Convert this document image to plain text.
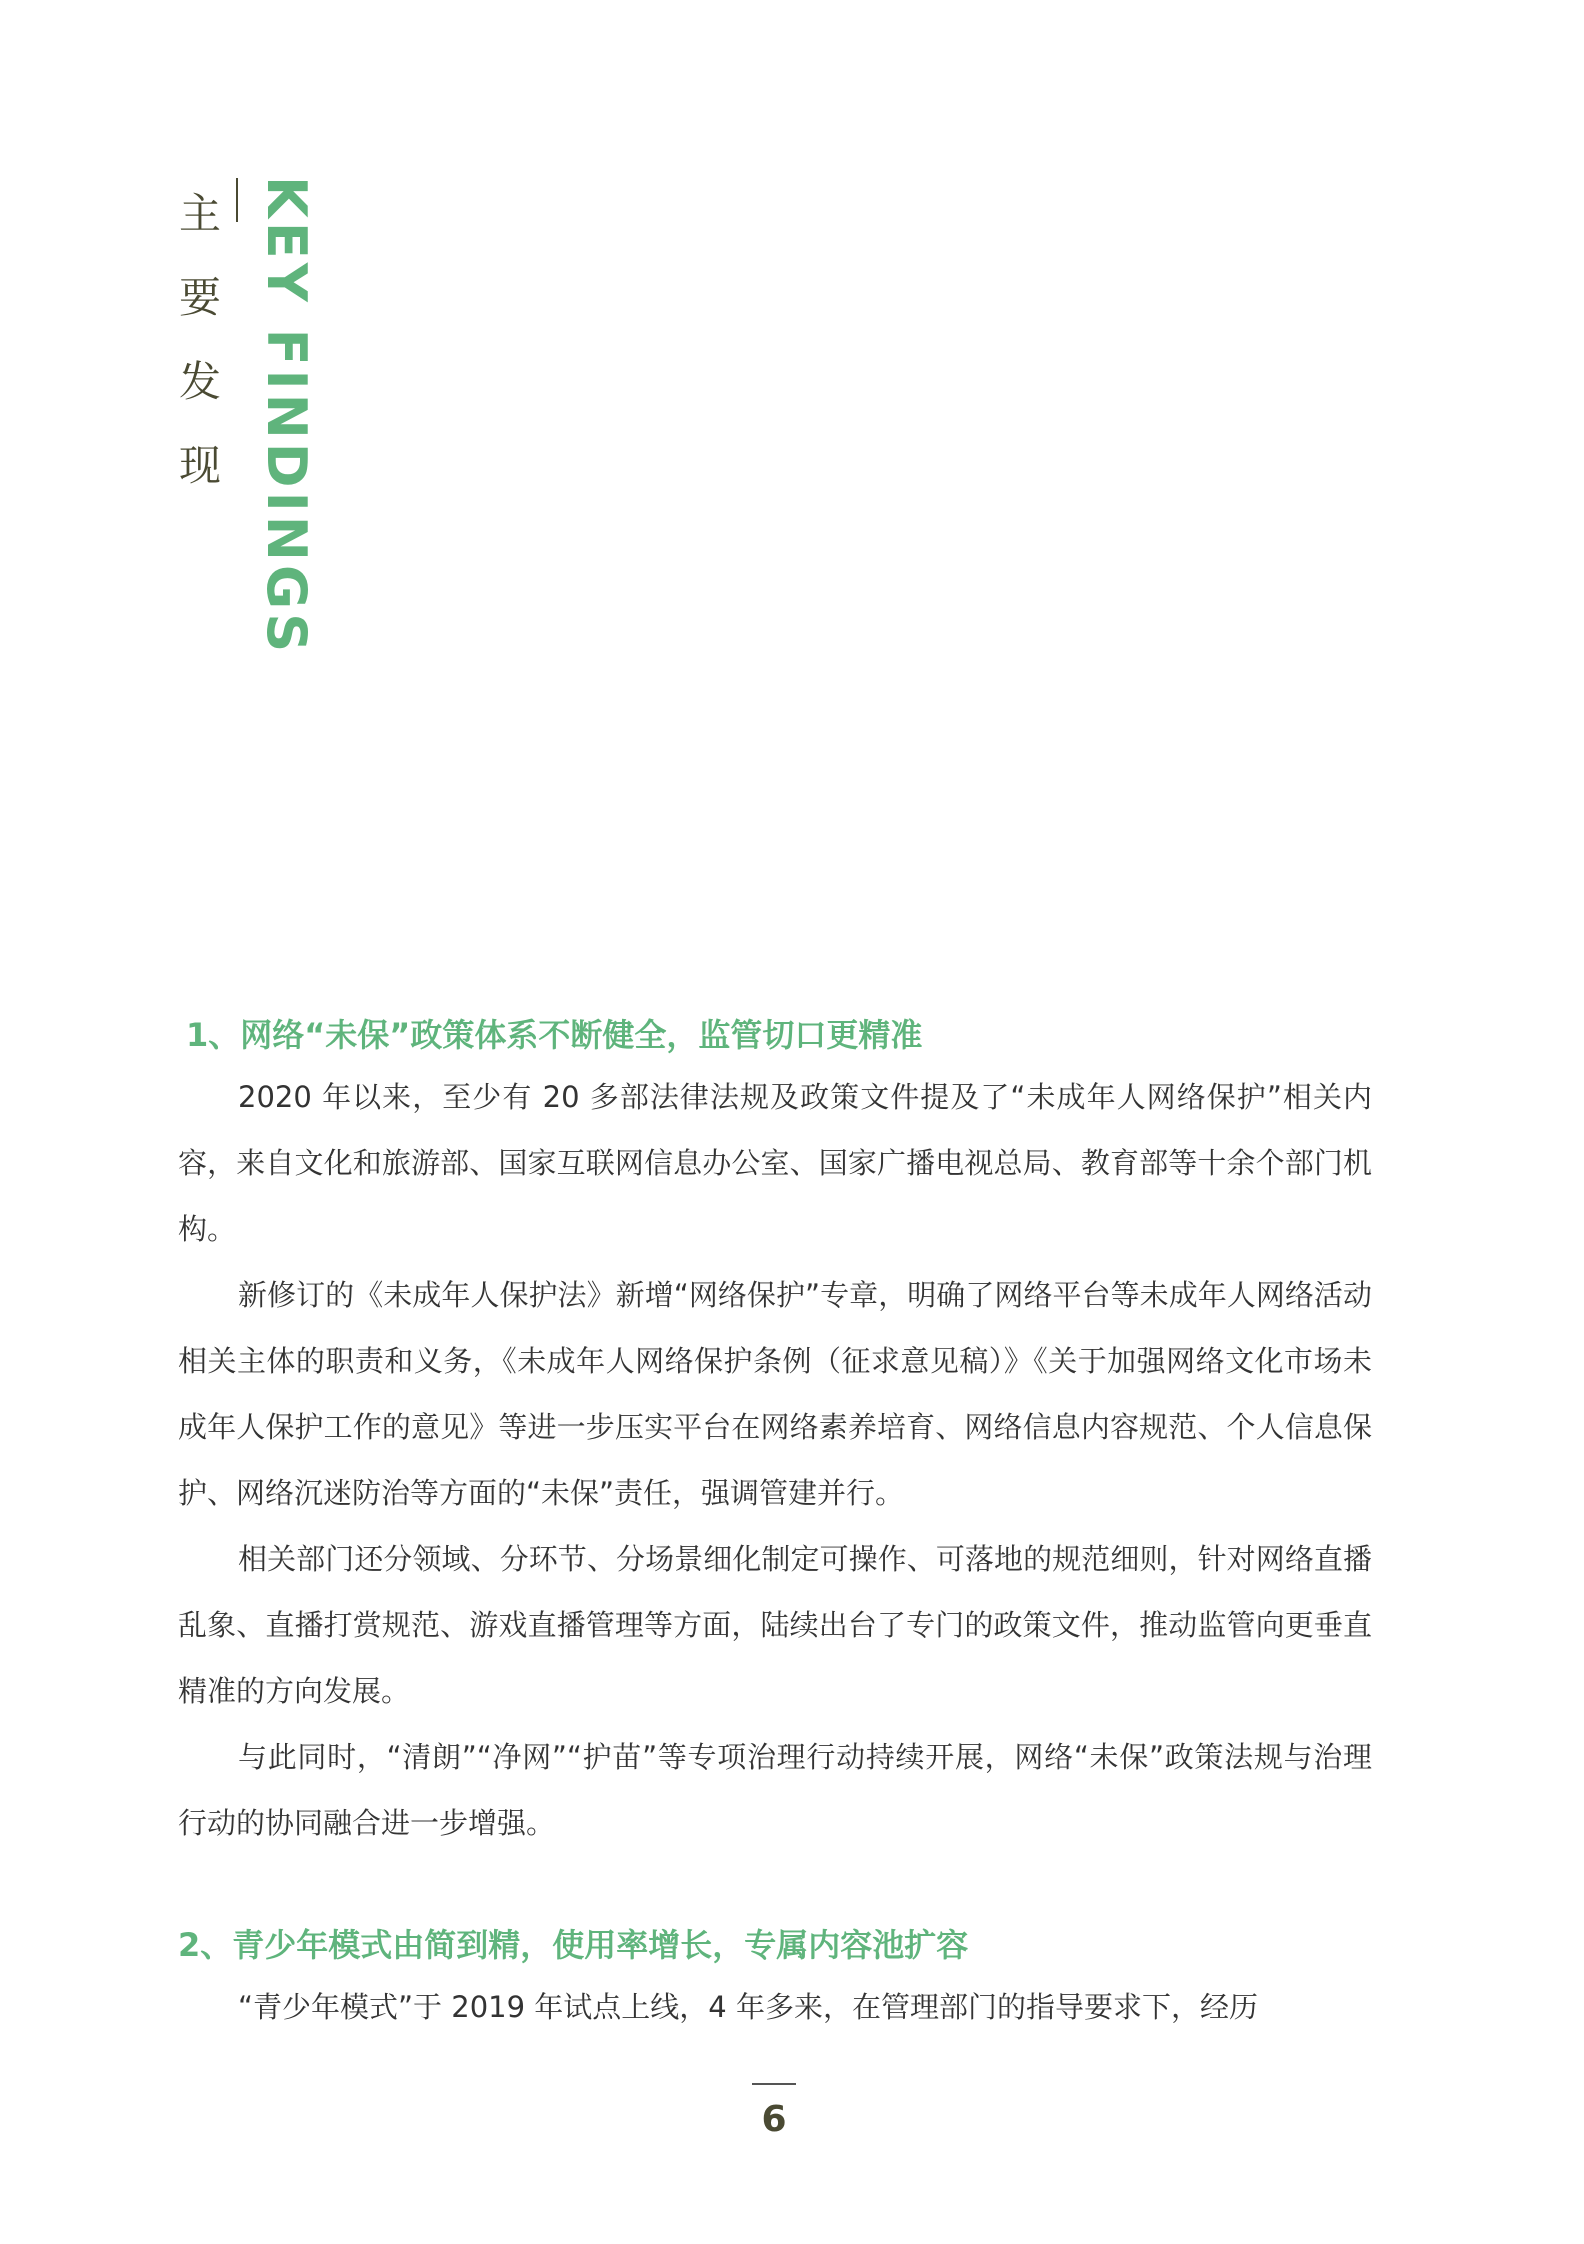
主
要
发
现 KEY FINDINGS
1、网络“未保”政策体系不断健全，监管切口更精准

2020 年以来，至少有 20 多部法律法规及政策文件提及了“未成年人网络保护”相关内容，来自文化和旅游部、国家互联网信息办公室、国家广播电视总局、教育部等十余个部门机构。

新修订的《未成年人保护法》新增“网络保护”专章，明确了网络平台等未成年人网络活动相关主体的职责和义务，《未成年人网络保护条例（征求意见稿）》《关于加强网络文化市场未成年人保护工作的意见》等进一步压实平台在网络素养培育、网络信息内容规范、个人信息保护、网络沉迷防治等方面的“未保”责任，强调管建并行。

相关部门还分领域、分环节、分场景细化制定可操作、可落地的规范细则，针对网络直播乱象、直播打赏规范、游戏直播管理等方面，陆续出台了专门的政策文件，推动监管向更垂直精准的方向发展。

与此同时，“清朗”“净网”“护苗”等专项治理行动持续开展，网络“未保”政策法规与治理行动的协同融合进一步增强。

2、青少年模式由简到精，使用率增长，专属内容池扩容

“青少年模式”于 2019 年试点上线，4 年多来，在管理部门的指导要求下，经历

6
